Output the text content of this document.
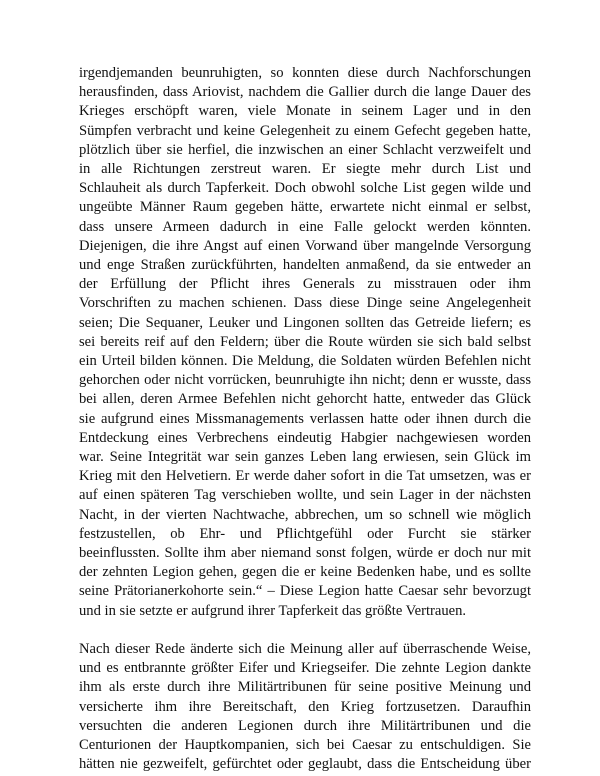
irgendjemanden beunruhigten, so konnten diese durch Nachforschungen
herausfinden, dass Ariovist, nachdem die Gallier durch die lange Dauer des
Krieges erschöpft waren, viele Monate in seinem Lager und in den
Sümpfen verbracht und keine Gelegenheit zu einem Gefecht gegeben hatte,
plötzlich über sie herfiel, die inzwischen an einer Schlacht verzweifelt und
in alle Richtungen zerstreut waren. Er siegte mehr durch List und
Schlauheit als durch Tapferkeit. Doch obwohl solche List gegen wilde und
ungeübte Männer Raum gegeben hätte, erwartete nicht einmal er selbst,
dass unsere Armeen dadurch in eine Falle gelockt werden könnten.
Diejenigen, die ihre Angst auf einen Vorwand über mangelnde Versorgung
und enge Straßen zurückführten, handelten anmaßend, da sie entweder an
der Erfüllung der Pflicht ihres Generals zu misstrauen oder ihm
Vorschriften zu machen schienen. Dass diese Dinge seine Angelegenheit
seien; Die Sequaner, Leuker und Lingonen sollten das Getreide liefern; es
sei bereits reif auf den Feldern; über die Route würden sie sich bald selbst
ein Urteil bilden können. Die Meldung, die Soldaten würden Befehlen nicht
gehorchen oder nicht vorrücken, beunruhigte ihn nicht; denn er wusste, dass
bei allen, deren Armee Befehlen nicht gehorcht hatte, entweder das Glück
sie aufgrund eines Missmanagements verlassen hatte oder ihnen durch die
Entdeckung eines Verbrechens eindeutig Habgier nachgewiesen worden
war. Seine Integrität war sein ganzes Leben lang erwiesen, sein Glück im
Krieg mit den Helvetiern. Er werde daher sofort in die Tat umsetzen, was er
auf einen späteren Tag verschieben wollte, und sein Lager in der nächsten
Nacht, in der vierten Nachtwache, abbrechen, um so schnell wie möglich
festzustellen, ob Ehr- und Pflichtgefühl oder Furcht sie stärker
beeinflussten. Sollte ihm aber niemand sonst folgen, würde er doch nur mit
der zehnten Legion gehen, gegen die er keine Bedenken habe, und es sollte
seine Prätorianerkohorte sein.“ – Diese Legion hatte Caesar sehr bevorzugt
und in sie setzte er aufgrund ihrer Tapferkeit das größte Vertrauen.
Nach dieser Rede änderte sich die Meinung aller auf überraschende Weise,
und es entbrannte größter Eifer und Kriegseifer. Die zehnte Legion dankte
ihm als erste durch ihre Militärtribunen für seine positive Meinung und
versicherte ihm ihre Bereitschaft, den Krieg fortzusetzen. Daraufhin
versuchten die anderen Legionen durch ihre Militärtribunen und die
Centurionen der Hauptkompanien, sich bei Caesar zu entschuldigen. Sie
hätten nie gezweifelt, gefürchtet oder geglaubt, dass die Entscheidung über
